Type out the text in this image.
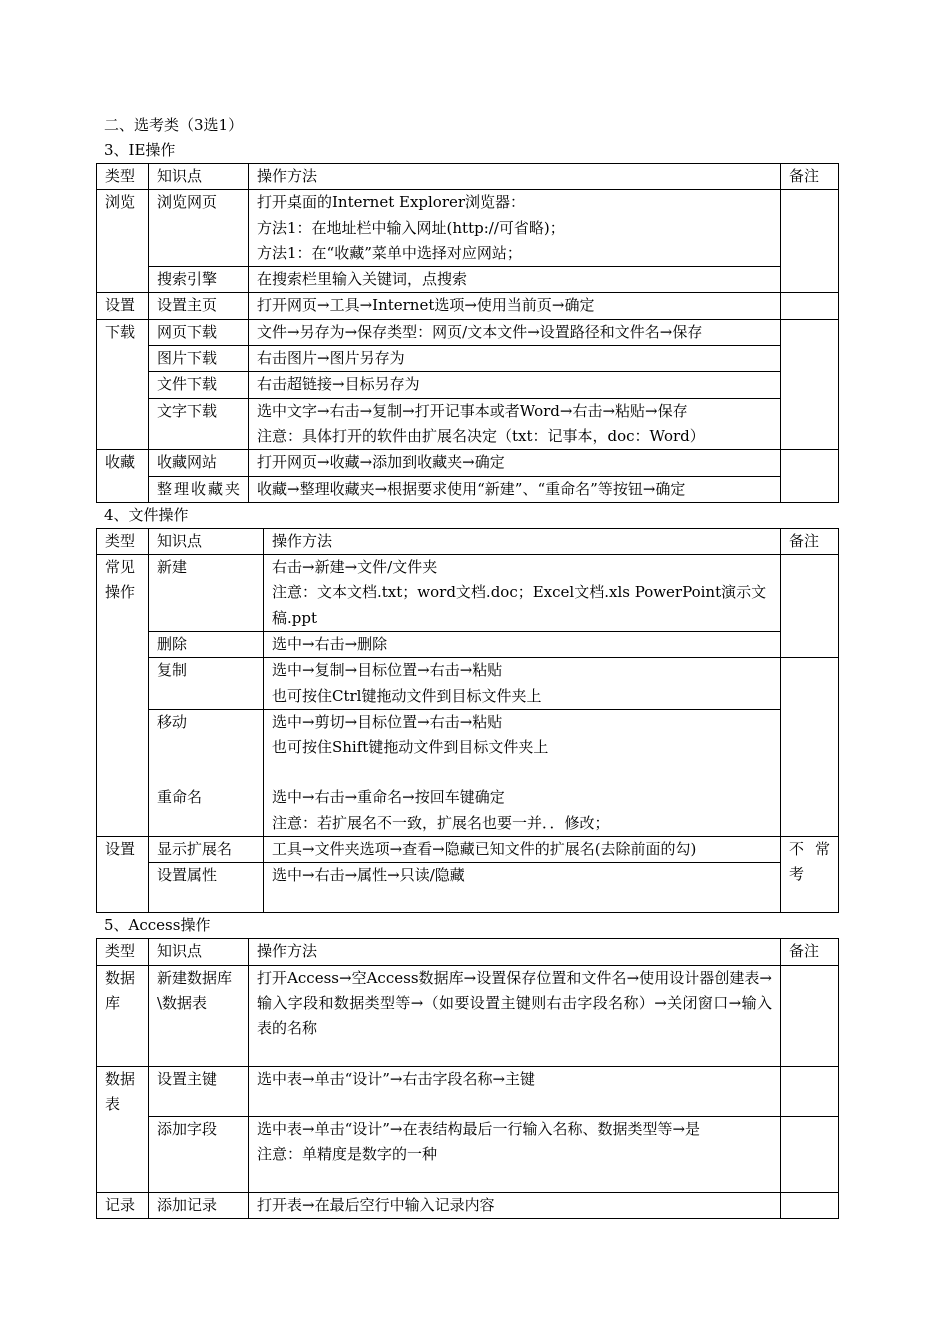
二、选考类（3选1）
3、IE操作
类型	知识点	操作方法	备注
浏览	浏览网页	打开桌面的Internet Explorer浏览器：
方法1：在地址栏中输入网址(http://可省略)；
方法1：在“收藏”菜单中选择对应网站；	

	搜索引擎	在搜索栏里输入关键词，点搜索	

设置	设置主页	打开网页→工具→Internet选项→使用当前页→确定	

下载	网页下载	文件→另存为→保存类型：网页/文本文件→设置路径和文件名→保存	

	图片下载	右击图片→图片另存为	

	文件下载	右击超链接→目标另存为	

	文字下载	选中文字→右击→复制→打开记事本或者Word→右击→粘贴→保存
注意：具体打开的软件由扩展名决定（txt：记事本，doc：Word）	

收藏	收藏网站	打开网页→收藏→添加到收藏夹→确定	

	整理收藏夹	收藏→整理收藏夹→根据要求使用“新建”、“重命名”等按钮→确定	
4、文件操作
类型	知识点	操作方法	备注
常见操作	新建	右击→新建→文件/文件夹
注意：文本文档.txt；word文档.doc；Excel文档.xls PowerPoint演示文稿.ppt	

	删除	选中→右击→删除	

	复制	选中→复制→目标位置→右击→粘贴
也可按住Ctrl键拖动文件到目标文件夹上	

	移动	选中→剪切→目标位置→右击→粘贴
也可按住Shift键拖动文件到目标文件夹上	

	重命名	选中→右击→重命名→按回车键确定
注意：若扩展名不一致，扩展名也要一并．．修改；	

设置	显示扩展名	工具→文件夹选项→查看→隐藏已知文件的扩展名(去除前面的勾)	不常考
	设置属性	选中→右击→属性→只读/隐藏	
5、Access操作
类型	知识点	操作方法	备注
数据库	新建数据库\数据表	打开Access→空Access数据库→设置保存位置和文件名→使用设计器创建表→输入字段和数据类型等→（如要设置主键则右击字段名称）→关闭窗口→输入表的名称	
数据表	设置主键	选中表→单击“设计”→右击字段名称→主键	

	添加字段	选中表→单击“设计”→在表结构最后一行输入名称、数据类型等→是
注意：单精度是数字的一种	

记录	添加记录	打开表→在最后空行中输入记录内容	
